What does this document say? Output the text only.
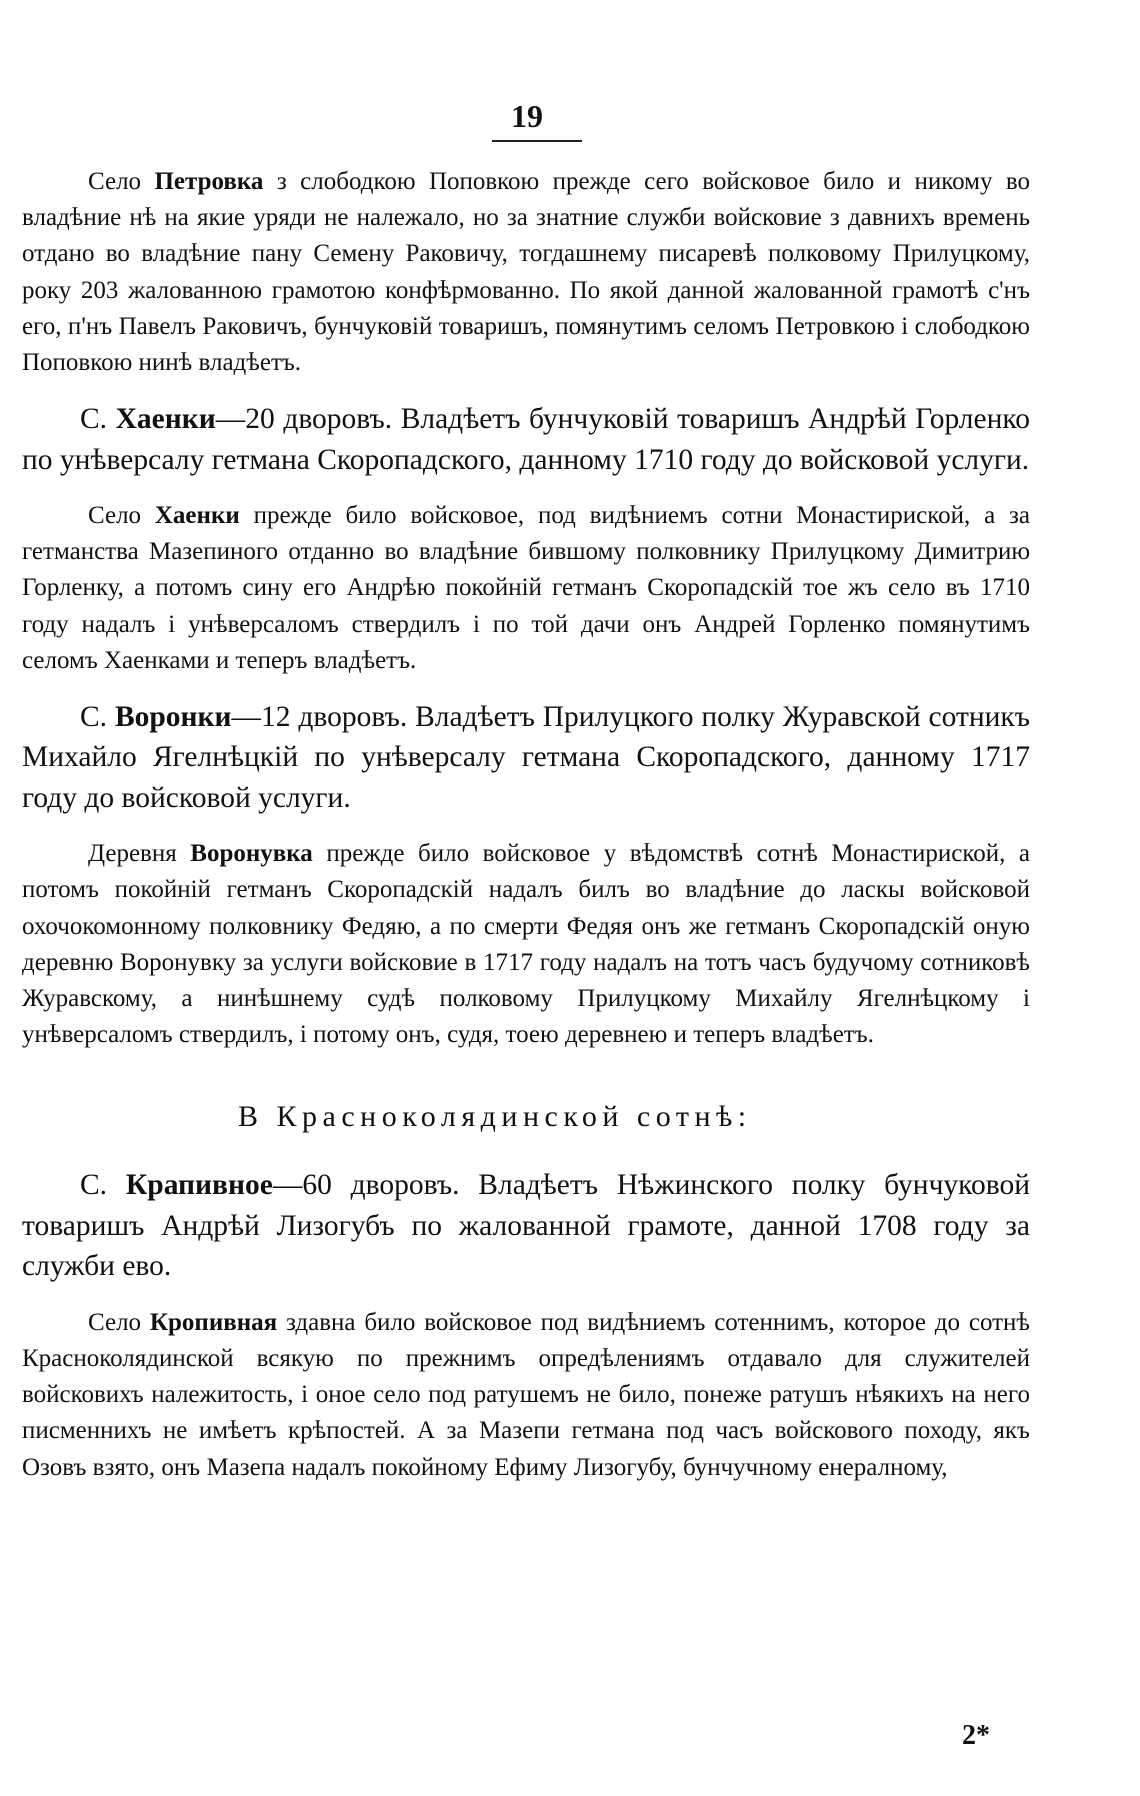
19

Село Петровка з слободкою Поповкою прежде сего войсковое било и никому во владѣние нѣ на якие уряди не належало, но за знатние служби войсковие з давнихъ времень отдано во владѣние пану Семену Раковичу, тогдашнему писаревѣ полковому Прилуцкому, року 203 жалованною грамотою конфѣрмованно. По якой данной жалованной грамотѣ с'нъ его, п'нъ Павелъ Раковичъ, бунчуковiй товаришъ, помянутимъ селомъ Петровкою і слободкою Поповкою нинѣ владѣетъ.

С. Хаенки—20 дворовъ. Владѣетъ бунчуковiй товаришъ Андрѣй Горленко по унѣверсалу гетмана Скоропадского, данному 1710 году до войсковой услуги.

Село Хаенки прежде било войсковое, под видѣниемъ сотни Монастириской, а за гетманства Мазепиного отданно во владѣние бившому полковнику Прилуцкому Димитрию Горленку, а потомъ сину его Андрѣю покойнiй гетманъ Скоропадскiй тое жъ село въ 1710 году надалъ і унѣверсаломъ ствердилъ і по той дачи онъ Андрей Горленко помянутимъ селомъ Хаенками и теперъ владѣетъ.

С. Воронки—12 дворовъ. Владѣетъ Прилуцкого полку Журавской сотникъ Михайло Ягелнѣцкiй по унѣверсалу гетмана Скоропадского, данному 1717 году до войсковой услуги.

Деревня Воронувка прежде било войсковое у вѣдомствѣ сотнѣ Монастириской, а потомъ покойнiй гетманъ Скоропадскiй надалъ билъ во владѣние до ласкы войсковой охочокомонному полковнику Федяю, а по смерти Федяя онъ же гетманъ Скоропадскiй оную деревню Воронувку за услуги войсковие в 1717 году надалъ на тотъ часъ будучому сотниковѣ Журавскому, а нинѣшнему судѣ полковому Прилуцкому Михайлу Ягелнѣцкому і унѣверсаломъ ствердилъ, і потому онъ, судя, тоею деревнею и теперъ владѣетъ.

В Красноколядинской сотнѣ:

С. Крапивное—60 дворовъ. Владѣетъ Нѣжинского полку бунчуковой товаришъ Андрѣй Лизогубъ по жалованной грамоте, данной 1708 году за служби ево.

Село Кропивная здавна било войсковое под видѣниемъ сотеннимъ, которое до сотнѣ Красноколядинской всякую по прежнимъ опредѣлениямъ отдавало для служителей войсковихъ належитость, і оное село под ратушемъ не било, понеже ратушъ нѣякихъ на него писменнихъ не имѣетъ крѣпостей. А за Мазепи гетмана под часъ войскового походу, якъ Озовъ взято, онъ Мазепа надалъ покойному Ефиму Лизогубу, бунчучному енералному,

2*
